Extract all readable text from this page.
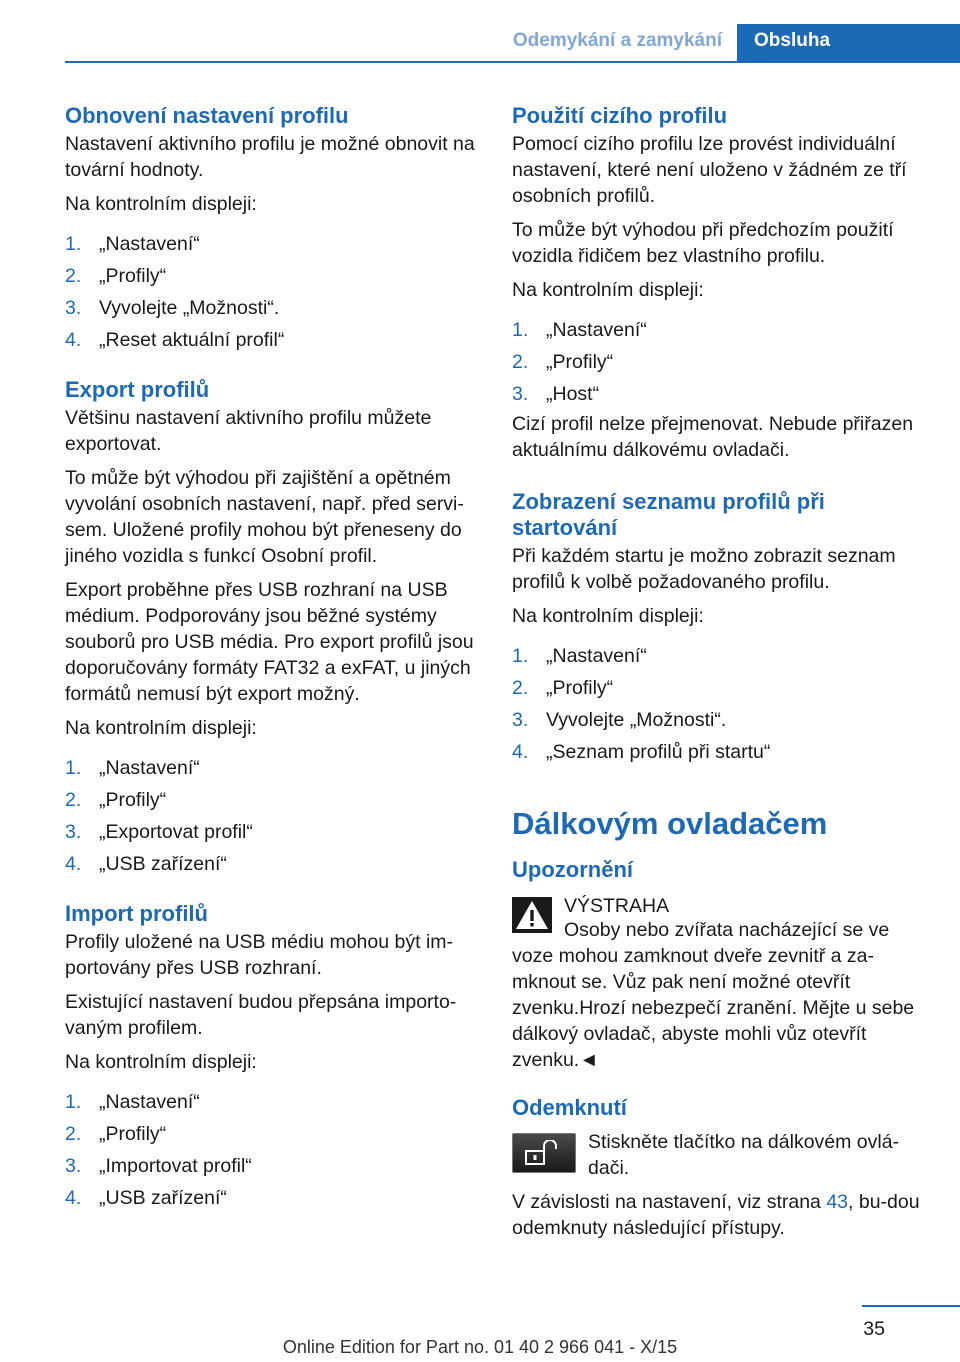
Odemykání a zamykání	Obsluha
Obnovení nastavení profilu
Nastavení aktivního profilu je možné obnovit na tovární hodnoty.
Na kontrolním displeji:
1. „Nastavení“
2. „Profily“
3. Vyvolejte „Možnosti“.
4. „Reset aktuální profil“
Export profilů
Většinu nastavení aktivního profilu můžete exportovat.
To může být výhodou při zajištění a opětném vyvolání osobních nastavení, např. před servi-sem. Uložené profily mohou být přeneseny do jiného vozidla s funkcí Osobní profil.
Export proběhne přes USB rozhraní na USB médium. Podporovány jsou běžné systémy souborů pro USB média. Pro export profilů jsou doporučovány formáty FAT32 a exFAT, u jiných formátů nemusí být export možný.
Na kontrolním displeji:
1. „Nastavení“
2. „Profily“
3. „Exportovat profil“
4. „USB zařízení“
Import profilů
Profily uložené na USB médiu mohou být im-portovány přes USB rozhraní.
Existující nastavení budou přepsána importo-vaným profilem.
Na kontrolním displeji:
1. „Nastavení“
2. „Profily“
3. „Importovat profil“
4. „USB zařízení“
Použití cizího profilu
Pomocí cizího profilu lze provést individuální nastavení, které není uloženo v žádném ze tří osobních profilů.
To může být výhodou při předchozím použití vozidla řidičem bez vlastního profilu.
Na kontrolním displeji:
1. „Nastavení“
2. „Profily“
3. „Host“
Cizí profil nelze přejmenovat. Nebude přiřazen aktuálnímu dálkovému ovladači.
Zobrazení seznamu profilů při startování
Při každém startu je možno zobrazit seznam profilů k volbě požadovaného profilu.
Na kontrolním displeji:
1. „Nastavení“
2. „Profily“
3. Vyvolejte „Možnosti“.
4. „Seznam profilů při startu“
Dálkovým ovladačem
Upozornění
VÝSTRAHA
Osoby nebo zvířata nacházející se ve voze mohou zamknout dveře zevnitř a za-mknout se. Vůz pak není možné otevřít zvenku.Hrozí nebezpečí zranění. Mějte u sebe dálkový ovladač, abyste mohli vůz otevřít zvenku.◄
Odemknutí
Stiskněte tlačítko na dálkovém ovlá-dači.
V závislosti na nastavení, viz strana 43, bu-dou odemknuty následující přístupy.
35
Online Edition for Part no. 01 40 2 966 041 - X/15
